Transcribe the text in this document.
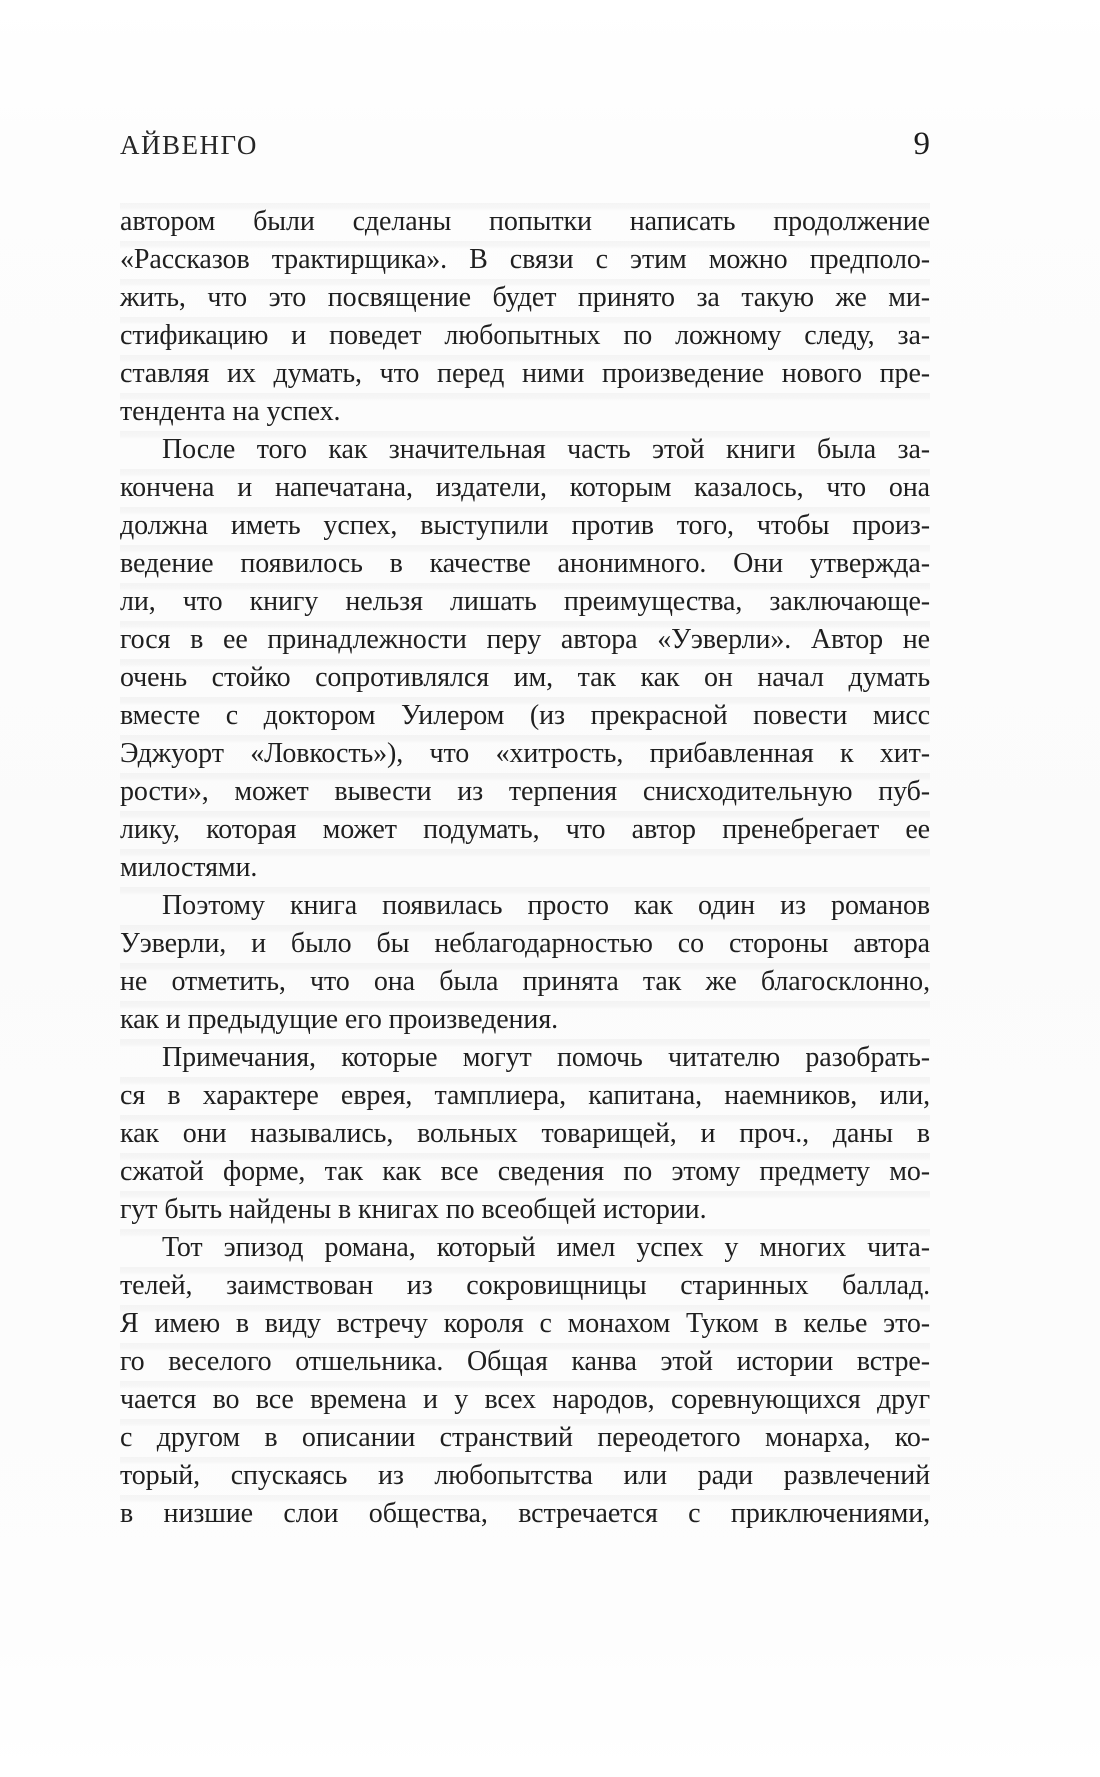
АЙВЕНГО	9
автором были сделаны попытки написать продолжение
«Рассказов трактирщика». В связи с этим можно предполо-
жить, что это посвящение будет принято за такую же ми-
стификацию и поведет любопытных по ложному следу, за-
ставляя их думать, что перед ними произведение нового пре-
тендента на успех.
После того как значительная часть этой книги была за-
кончена и напечатана, издатели, которым казалось, что она
должна иметь успех, выступили против того, чтобы произ-
ведение появилось в качестве анонимного. Они утвержда-
ли, что книгу нельзя лишать преимущества, заключающе-
гося в ее принадлежности перу автора «Уэверли». Автор не
очень стойко сопротивлялся им, так как он начал думать
вместе с доктором Уилером (из прекрасной повести мисс
Эджуорт «Ловкость»), что «хитрость, прибавленная к хит-
рости», может вывести из терпения снисходительную пуб-
лику, которая может подумать, что автор пренебрегает ее
милостями.
Поэтому книга появилась просто как один из романов
Уэверли, и было бы неблагодарностью со стороны автора
не отметить, что она была принята так же благосклонно,
как и предыдущие его произведения.
Примечания, которые могут помочь читателю разобрать-
ся в характере еврея, тамплиера, капитана, наемников, или,
как они назывались, вольных товарищей, и проч., даны в
сжатой форме, так как все сведения по этому предмету мо-
гут быть найдены в книгах по всеобщей истории.
Тот эпизод романа, который имел успех у многих чита-
телей, заимствован из сокровищницы старинных баллад.
Я имею в виду встречу короля с монахом Туком в келье это-
го веселого отшельника. Общая канва этой истории встре-
чается во все времена и у всех народов, соревнующихся друг
с другом в описании странствий переодетого монарха, ко-
торый, спускаясь из любопытства или ради развлечений
в низшие слои общества, встречается с приключениями,
